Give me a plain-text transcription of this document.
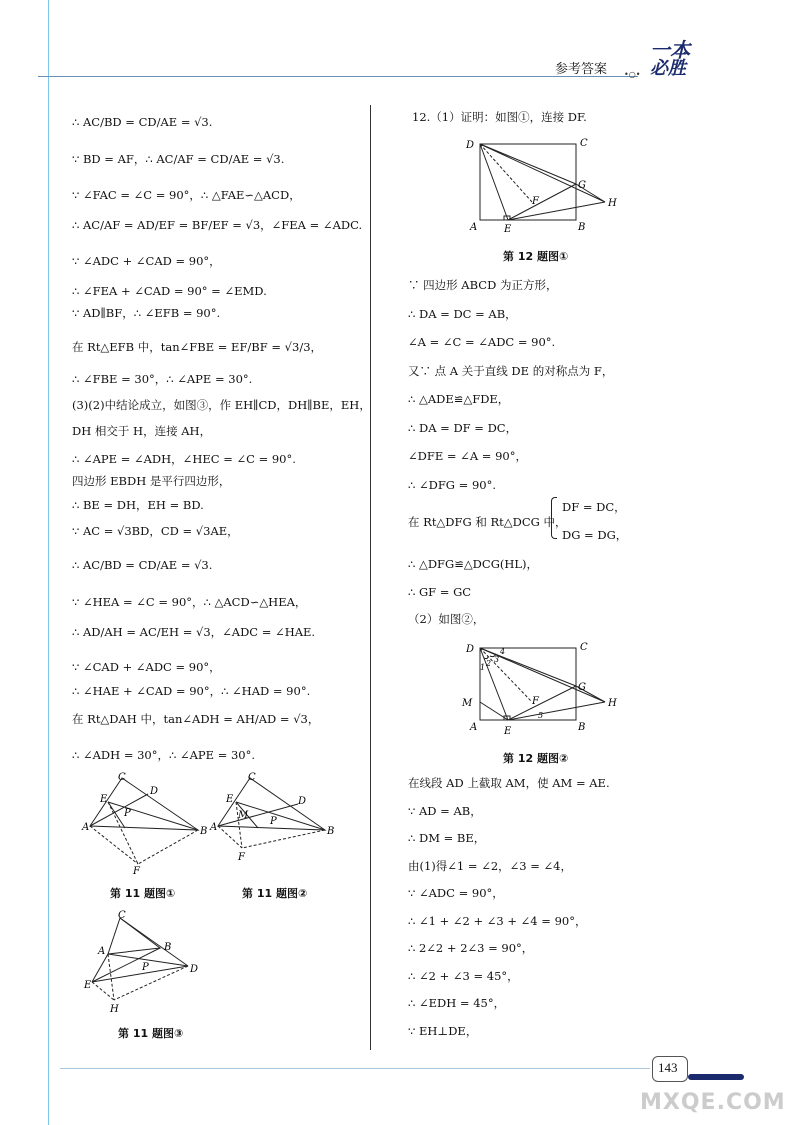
参考答案 •○•
一本
必胜
∴ AC/BD = CD/AE = √3.
∵ BD = AF，∴ AC/AF = CD/AE = √3.
∵ ∠FAC = ∠C = 90°，∴ △FAE∽△ACD，
∴ AC/AF = AD/EF = BF/EF = √3，∠FEA = ∠ADC.
∵ ∠ADC + ∠CAD = 90°，
∴ ∠FEA + ∠CAD = 90° = ∠EMD.
∵ AD∥BF，∴ ∠EFB = 90°.
在 Rt△EFB 中，tan∠FBE = EF/BF = √3/3，
∴ ∠FBE = 30°，∴ ∠APE = 30°.
(3)(2)中结论成立，如图③，作 EH∥CD，DH∥BE，EH，
DH 相交于 H，连接 AH，
∴ ∠APE = ∠ADH，∠HEC = ∠C = 90°.
四边形 EBDH 是平行四边形，
∴ BE = DH，EH = BD.
∵ AC = √3BD，CD = √3AE，
∴ AC/BD = CD/AE = √3.
∵ ∠HEA = ∠C = 90°，∴ △ACD∽△HEA，
∴ AD/AH = AC/EH = √3，∠ADC = ∠HAE.
∵ ∠CAD + ∠ADC = 90°，
∴ ∠HAE + ∠CAD = 90°，∴ ∠HAD = 90°.
在 Rt△DAH 中，tan∠ADH = AH/AD = √3，
∴ ∠ADH = 30°，∴ ∠APE = 30°.
C
D
E
P
A	B
F
第 11 题图①
C
D
E
M
P
A	B
F
第 11 题图②
C
A	B
P	D
E
H
第 11 题图③
12.（1）证明：如图①，连接 DF.
D	C
G
H
F
A	E	B
第 12 题图①
∵ 四边形 ABCD 为正方形，
∴ DA = DC = AB，
∠A = ∠C = ∠ADC = 90°.
又∵ 点 A 关于直线 DE 的对称点为 F，
∴ △ADE≌△FDE，
∴ DA = DF = DC，
∠DFE = ∠A = 90°，
∴ ∠DFG = 90°.
在 Rt△DFG 和 Rt△DCG 中，
DF = DC，
DG = DG，
∴ △DFG≌△DCG(HL)，
∴ GF = GC
（2）如图②，
D	C
G
H
F
A	E	B
M
1 2 3
4
5
第 12 题图②
在线段 AD 上截取 AM，使 AM = AE.
∵ AD = AB，
∴ DM = BE，
由(1)得∠1 = ∠2，∠3 = ∠4，
∵ ∠ADC = 90°，
∴ ∠1 + ∠2 + ∠3 + ∠4 = 90°，
∴ 2∠2 + 2∠3 = 90°，
∴ ∠2 + ∠3 = 45°，
∴ ∠EDH = 45°，
∵ EH⊥DE，
143
MXQE.COM
